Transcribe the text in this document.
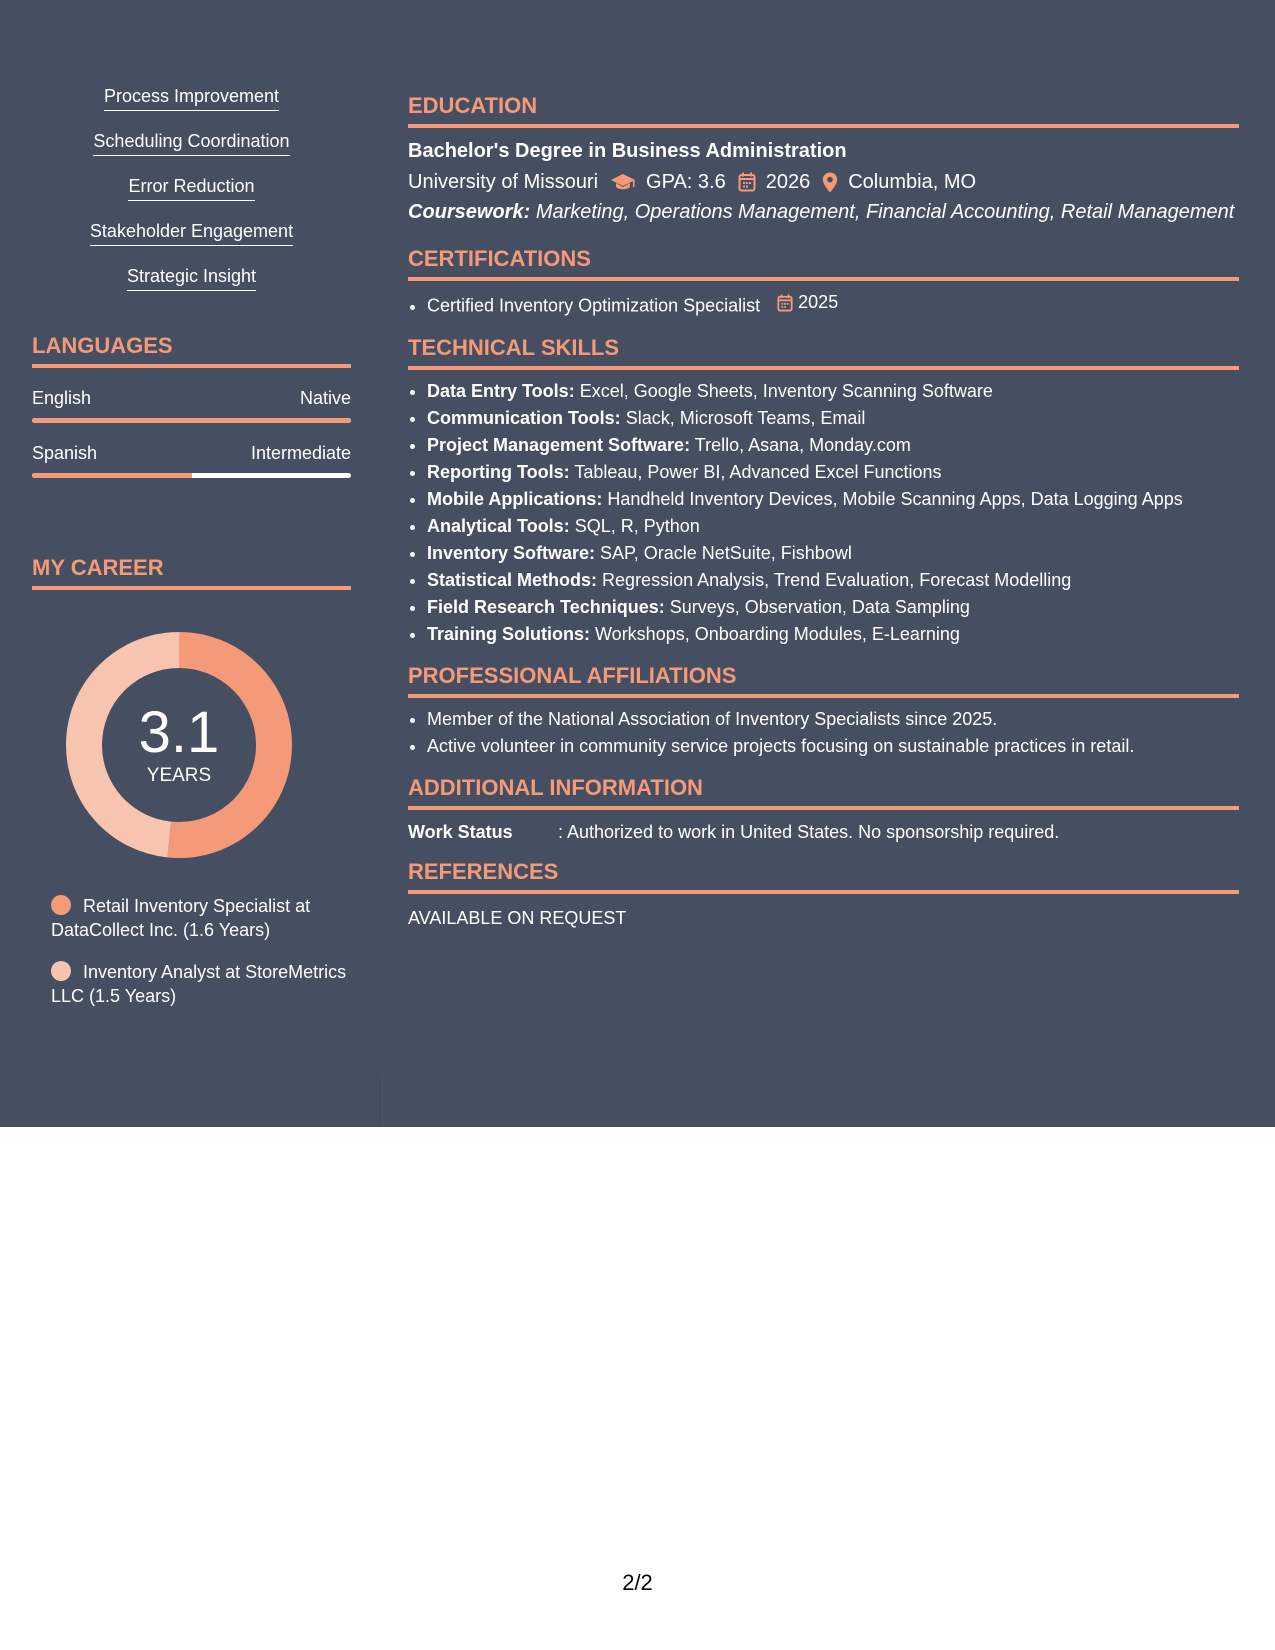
Process Improvement
Scheduling Coordination
Error Reduction
Stakeholder Engagement
Strategic Insight
LANGUAGES
English	Native
Spanish	Intermediate
MY CAREER
3.1
YEARS
Retail Inventory Specialist at DataCollect Inc. (1.6 Years)
Inventory Analyst at StoreMetrics LLC (1.5 Years)
EDUCATION
Bachelor's Degree in Business Administration
University of Missouri GPA: 3.6 2026 Columbia, MO
Coursework: Marketing, Operations Management, Financial Accounting, Retail Management
CERTIFICATIONS
• Certified Inventory Optimization Specialist 2025
TECHNICAL SKILLS
• Data Entry Tools: Excel, Google Sheets, Inventory Scanning Software
• Communication Tools: Slack, Microsoft Teams, Email
• Project Management Software: Trello, Asana, Monday.com
• Reporting Tools: Tableau, Power BI, Advanced Excel Functions
• Mobile Applications: Handheld Inventory Devices, Mobile Scanning Apps, Data Logging Apps
• Analytical Tools: SQL, R, Python
• Inventory Software: SAP, Oracle NetSuite, Fishbowl
• Statistical Methods: Regression Analysis, Trend Evaluation, Forecast Modelling
• Field Research Techniques: Surveys, Observation, Data Sampling
• Training Solutions: Workshops, Onboarding Modules, E-Learning
PROFESSIONAL AFFILIATIONS
• Member of the National Association of Inventory Specialists since 2025.
• Active volunteer in community service projects focusing on sustainable practices in retail.
ADDITIONAL INFORMATION
Work Status	: Authorized to work in United States. No sponsorship required.
REFERENCES
AVAILABLE ON REQUEST
2/2
